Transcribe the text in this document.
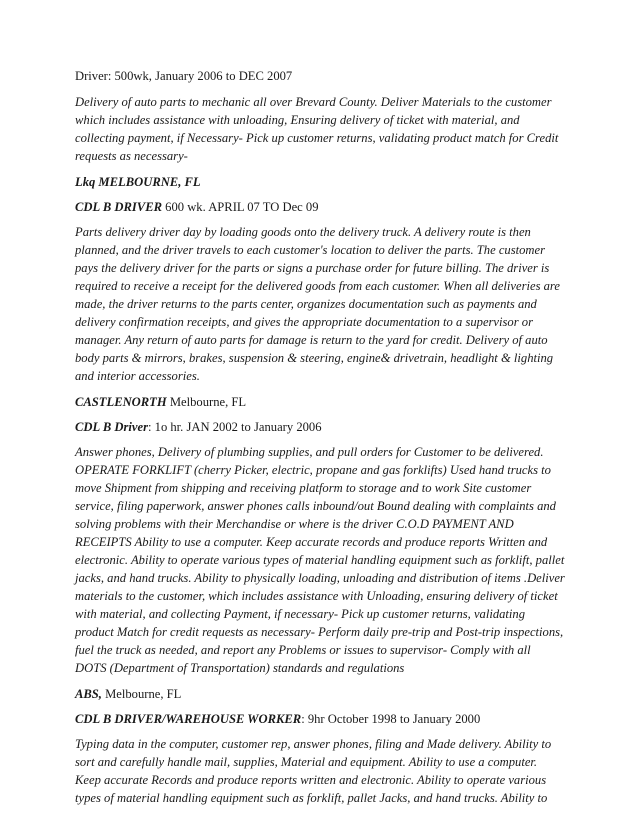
Driver: 500wk, January 2006 to DEC 2007
Delivery of auto parts to mechanic all over Brevard County. Deliver Materials to the customer
which includes assistance with unloading, Ensuring delivery of ticket with material, and
collecting payment, if Necessary- Pick up customer returns, validating product match for Credit
requests as necessary-
Lkq MELBOURNE, FL
CDL B DRIVER 600 wk. APRIL 07 TO Dec 09
Parts delivery driver day by loading goods onto the delivery truck. A delivery route is then
planned, and the driver travels to each customer's location to deliver the parts. The customer
pays the delivery driver for the parts or signs a purchase order for future billing. The driver is
required to receive a receipt for the delivered goods from each customer. When all deliveries are
made, the driver returns to the parts center, organizes documentation such as payments and
delivery confirmation receipts, and gives the appropriate documentation to a supervisor or
manager. Any return of auto parts for damage is return to the yard for credit. Delivery of auto
body parts & mirrors, brakes, suspension & steering, engine& drivetrain, headlight & lighting
and interior accessories.
CASTLENORTH Melbourne, FL
CDL B Driver: 1o hr. JAN 2002 to January 2006
Answer phones, Delivery of plumbing supplies, and pull orders for Customer to be delivered.
OPERATE FORKLIFT (cherry Picker, electric, propane and gas forklifts) Used hand trucks to
move Shipment from shipping and receiving platform to storage and to work Site customer
service, filing paperwork, answer phones calls inbound/out Bound dealing with complaints and
solving problems with their Merchandise or where is the driver C.O.D PAYMENT AND
RECEIPTS Ability to use a computer. Keep accurate records and produce reports Written and
electronic. Ability to operate various types of material handling equipment such as forklift, pallet
jacks, and hand trucks. Ability to physically loading, unloading and distribution of items .Deliver
materials to the customer, which includes assistance with Unloading, ensuring delivery of ticket
with material, and collecting Payment, if necessary- Pick up customer returns, validating
product Match for credit requests as necessary- Perform daily pre-trip and Post-trip inspections,
fuel the truck as needed, and report any Problems or issues to supervisor- Comply with all
DOTS (Department of Transportation) standards and regulations
ABS, Melbourne, FL
CDL B DRIVER/WAREHOUSE WORKER: 9hr October 1998 to January 2000
Typing data in the computer, customer rep, answer phones, filing and Made delivery. Ability to
sort and carefully handle mail, supplies, Material and equipment. Ability to use a computer.
Keep accurate Records and produce reports written and electronic. Ability to operate various
types of material handling equipment such as forklift, pallet Jacks, and hand trucks. Ability to
